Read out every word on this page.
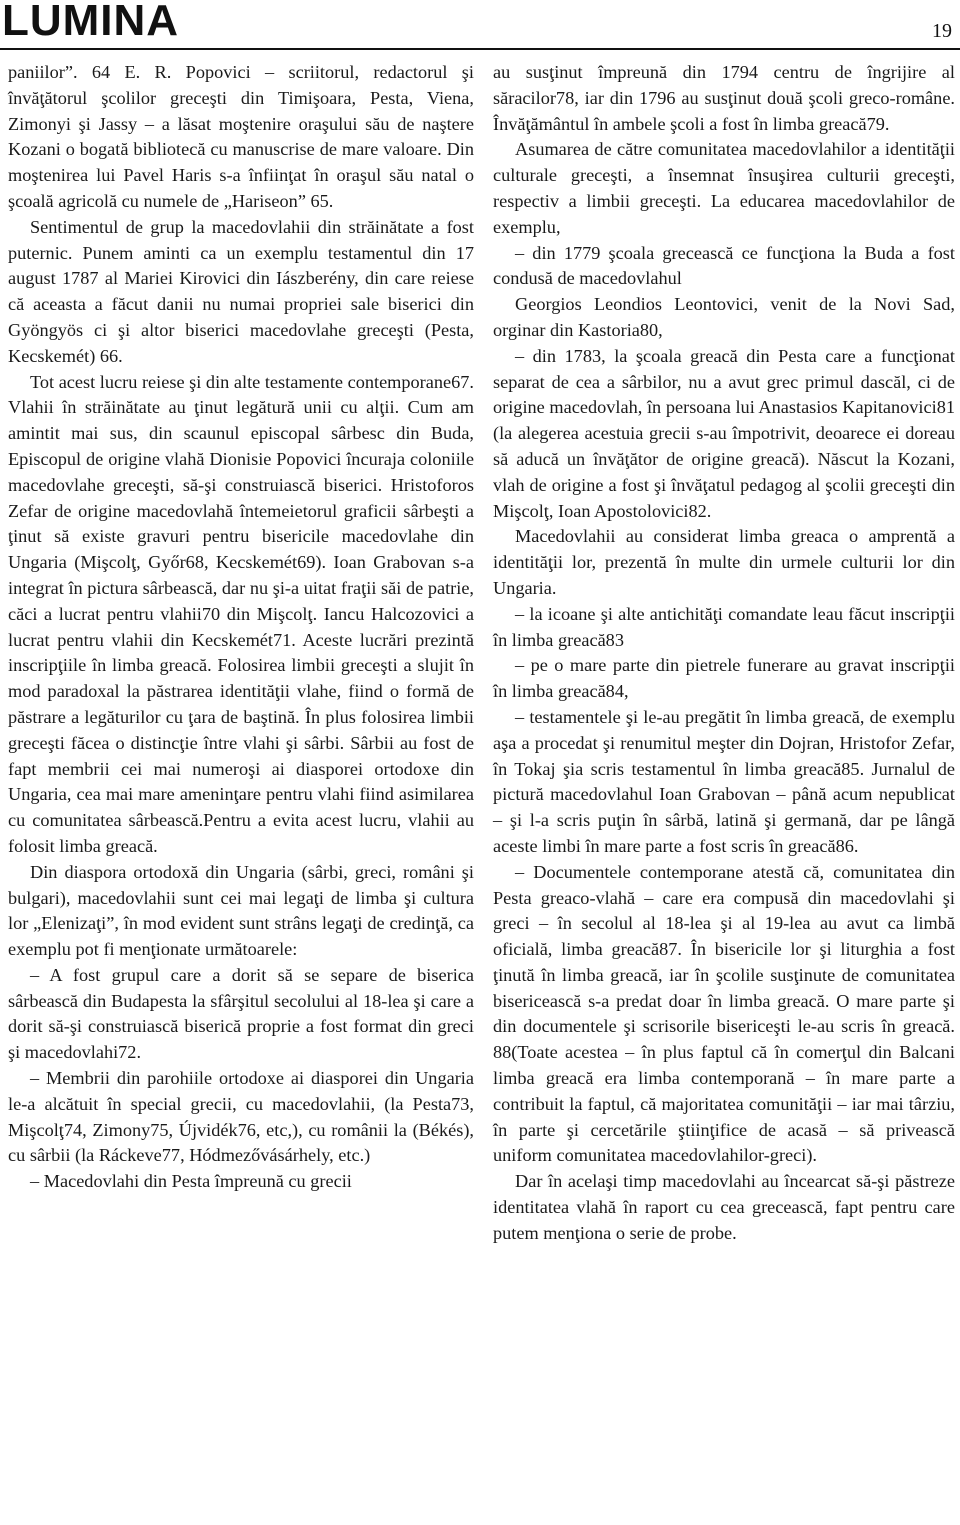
LUMINA	19

paniilor”. 64 E. R. Popovici – scriitorul, redactorul şi învăţătorul şcolilor greceşti din Timişoara, Pesta, Viena, Zimonyi şi Jassy – a lăsat moştenire oraşului său de naştere Kozani o bogată bibliotecă cu manuscrise de mare valoare. Din moştenirea lui Pavel Haris s-a înfiinţat în oraşul său natal o şcoală agricolă cu numele de „Hariseon” 65.

Sentimentul de grup la macedovlahii din străinătate a fost puternic. Punem aminti ca un exemplu testamentul din 17 august 1787 al Mariei Kirovici din Iászberény, din care reiese că aceasta a făcut danii nu numai propriei sale biserici din Gyöngyös ci şi altor biserici macedovlahe greceşti (Pesta, Kecskemét) 66.

Tot acest lucru reiese şi din alte testamente contemporane67. Vlahii în străinătate au ţinut legătură unii cu alţii. Cum am amintit mai sus, din scaunul episcopal sârbesc din Buda, Episcopul de origine vlahă Dionisie Popovici încuraja coloniile macedovlahe greceşti, să-şi construiască biserici. Hristoforos Zefar de origine macedovlahă întemeietorul graficii sârbeşti a ţinut să existe gravuri pentru bisericile macedovlahe din Ungaria (Mişcolţ, Győr68, Kecskemét69). Ioan Grabovan s-a integrat în pictura sârbească, dar nu şi-a uitat fraţii săi de patrie, căci a lucrat pentru vlahii70 din Mişcolţ. Iancu Halcozovici a lucrat pentru vlahii din Kecskemét71. Aceste lucrări prezintă inscripţiile în limba greacă. Folosirea limbii greceşti a slujit în mod paradoxal la păstrarea identităţii vlahe, fiind o formă de păstrare a legăturilor cu ţara de baştină. În plus folosirea limbii greceşti făcea o distincţie între vlahi şi sârbi. Sârbii au fost de fapt membrii cei mai numeroşi ai diasporei ortodoxe din Ungaria, cea mai mare ameninţare pentru vlahi fiind asimilarea cu comunitatea sârbească.Pentru a evita acest lucru, vlahii au folosit limba greacă.

Din diaspora ortodoxă din Ungaria (sârbi, greci, români şi bulgari), macedovlahii sunt cei mai legaţi de limba şi cultura lor „Elenizaţi”, în mod evident sunt strâns legaţi de credinţă, ca exemplu pot fi menţionate următoarele:

– A fost grupul care a dorit să se separe de biserica sârbească din Budapesta la sfârşitul secolului al 18-lea şi care a dorit să-şi construiască biserică proprie a fost format din greci şi macedovlahi72.

– Membrii din parohiile ortodoxe ai diasporei din Ungaria le-a alcătuit în special grecii, cu macedovlahii, (la Pesta73, Mişcolţ74, Zimony75, Újvidék76, etc,), cu românii la (Békés), cu sârbii (la Ráckeve77, Hódmezővásárhely, etc.)

– Macedovlahi din Pesta împreună cu grecii

au susţinut împreună din 1794 centru de îngrijire al săracilor78, iar din 1796 au susţinut două şcoli greco-române. Învăţământul în ambele şcoli a fost în limba greacă79.

Asumarea de către comunitatea macedovlahilor a identităţii culturale greceşti, a însemnat însuşirea culturii greceşti, respectiv a limbii greceşti. La educarea macedovlahilor de exemplu,

– din 1779 şcoala grecească ce funcţiona la Buda a fost condusă de macedovlahul

Georgios Leondios Leontovici, venit de la Novi Sad, orginar din Kastoria80,

– din 1783, la şcoala greacă din Pesta care a funcţionat separat de cea a sârbilor, nu a avut grec primul dascăl, ci de origine macedovlah, în persoana lui Anastasios Kapitanovici81 (la alegerea acestuia grecii s-au împotrivit, deoarece ei doreau să aducă un învăţător de origine greacă). Născut la Kozani, vlah de origine a fost şi învăţatul pedagog al şcolii greceşti din Mişcolţ, Ioan Apostolovici82.

Macedovlahii au considerat limba greaca o amprentă a identităţii lor, prezentă în multe din urmele culturii lor din Ungaria.

– la icoane şi alte antichităţi comandate leau făcut inscripţii în limba greacă83

– pe o mare parte din pietrele funerare au gravat inscripţii în limba greacă84,

– testamentele şi le-au pregătit în limba greacă, de exemplu aşa a procedat şi renumitul meşter din Dojran, Hristofor Zefar, în Tokaj şia scris testamentul în limba greacă85. Jurnalul de pictură macedovlahul Ioan Grabovan – până acum nepublicat – şi l-a scris puţin în sârbă, latină şi germană, dar pe lângă aceste limbi în mare parte a fost scris în greacă86.

– Documentele contemporane atestă că, comunitatea din Pesta greaco-vlahă – care era compusă din macedovlahi şi greci – în secolul al 18-lea şi al 19-lea au avut ca limbă oficială, limba greacă87. În bisericile lor şi liturghia a fost ţinută în limba greacă, iar în şcolile susţinute de comunitatea bisericească s-a predat doar în limba greacă. O mare parte şi din documentele şi scrisorile bisericeşti le-au scris în greacă. 88(Toate acestea – în plus faptul că în comerţul din Balcani limba greacă era limba contemporană – în mare parte a contribuit la faptul, că majoritatea comunităţii – iar mai târziu, în parte şi cercetările ştiinţifice de acasă – să privească uniform comunitatea macedovlahilor-greci).

Dar în acelaşi timp macedovlahi au încearcat să-şi păstreze identitatea vlahă în raport cu cea grecească, fapt pentru care putem menţiona o serie de probe.
